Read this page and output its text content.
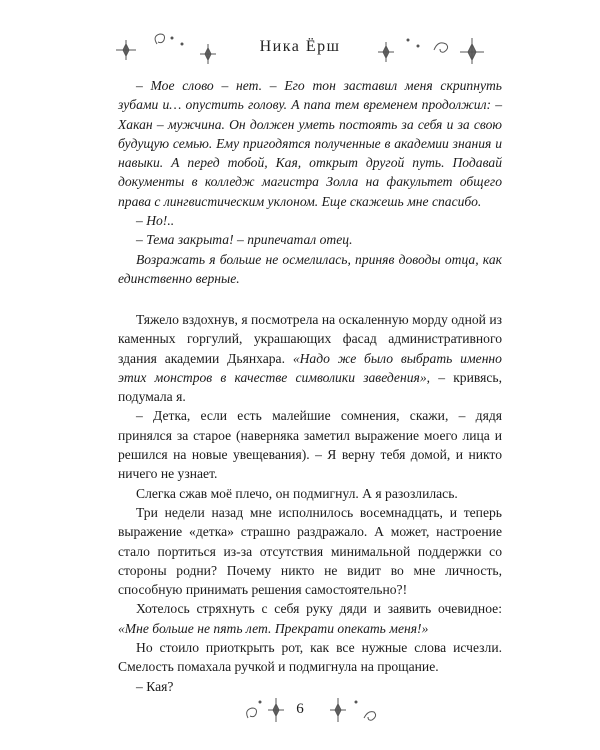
Ника Ёрш

– Мое слово – нет. – Его тон заставил меня скрипнуть зубами и… опустить голову. А папа тем временем продолжил: – Хакан – мужчина. Он должен уметь постоять за себя и за свою будущую семью. Ему пригодятся полученные в академии знания и навыки. А перед тобой, Кая, открыт другой путь. Подавай документы в колледж магистра Золла на факультет общего права с лингвистическим уклоном. Еще скажешь мне спасибо.

– Но!..

– Тема закрыта! – припечатал отец.

Возражать я больше не осмелилась, приняв доводы отца, как единственно верные.

Тяжело вздохнув, я посмотрела на оскаленную морду одной из каменных горгулий, украшающих фасад административного здания академии Дьянхара. «Надо же было выбрать именно этих монстров в качестве символики заведения», – кривясь, подумала я.

– Детка, если есть малейшие сомнения, скажи, – дядя принялся за старое (наверняка заметил выражение моего лица и решился на новые увещевания). – Я верну тебя домой, и никто ничего не узнает.

Слегка сжав моё плечо, он подмигнул. А я разозлилась.

Три недели назад мне исполнилось восемнадцать, и теперь выражение «детка» страшно раздражало. А может, настроение стало портиться из-за отсутствия минимальной поддержки со стороны родни? Почему никто не видит во мне личность, способную принимать решения самостоятельно?!

Хотелось стряхнуть с себя руку дяди и заявить очевидное: «Мне больше не пять лет. Прекрати опекать меня!»

Но стоило приоткрыть рот, как все нужные слова исчезли. Смелость помахала ручкой и подмигнула на прощание.

– Кая?

6
